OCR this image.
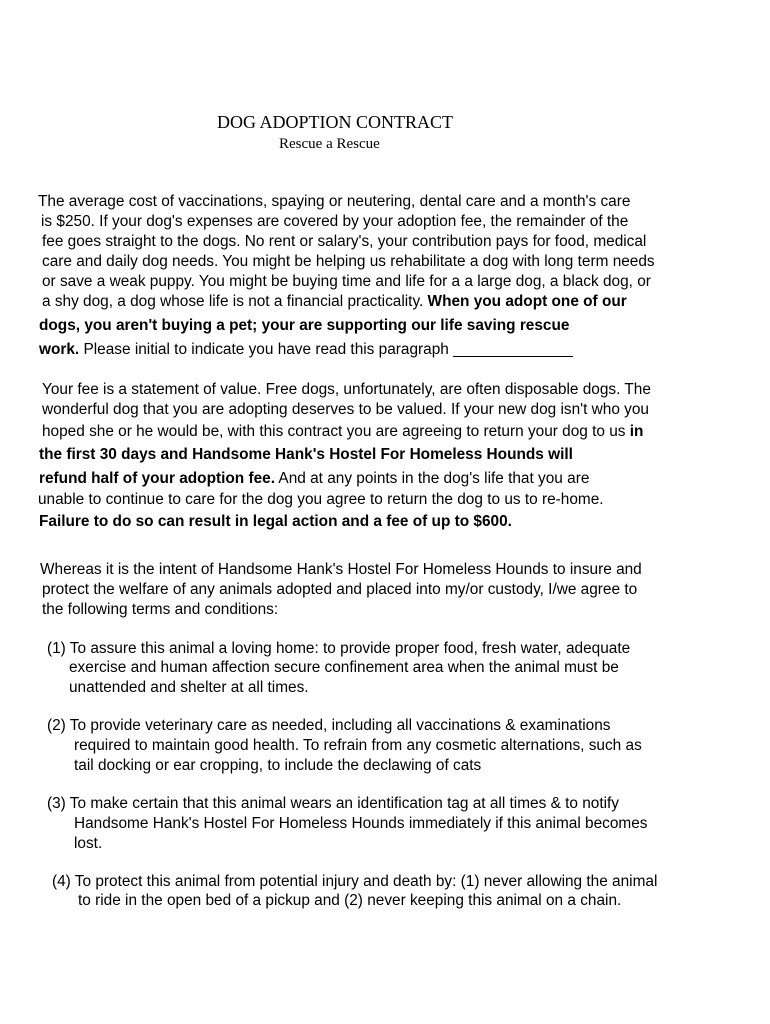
DOG ADOPTION CONTRACT
Rescue a Rescue
The average cost of vaccinations, spaying or neutering, dental care and a month's care
is $250. If your dog's expenses are covered by your adoption fee, the remainder of the
fee goes straight to the dogs. No rent or salary's, your contribution pays for food, medical
care and daily dog needs. You might be helping us rehabilitate a dog with long term needs
or save a weak puppy. You might be buying time and life for a a large dog, a black dog, or
a shy dog, a dog whose life is not a financial practicality. When you adopt one of our
dogs, you aren't buying a pet; your are supporting our life saving rescue
work. Please initial to indicate you have read this paragraph ______________
Your fee is a statement of value. Free dogs, unfortunately, are often disposable dogs. The
wonderful dog that you are adopting deserves to be valued. If your new dog isn't who you
hoped she or he would be, with this contract you are agreeing to return your dog to us in
the first 30 days and Handsome Hank's Hostel For Homeless Hounds will
refund half of your adoption fee. And at any points in the dog's life that you are
unable to continue to care for the dog you agree to return the dog to us to re-home.
Failure to do so can result in legal action and a fee of up to $600.
Whereas it is the intent of Handsome Hank's Hostel For Homeless Hounds to insure and
protect the welfare of any animals adopted and placed into my/or custody, I/we agree to
the following terms and conditions:
(1) To assure this animal a loving home: to provide proper food, fresh water, adequate
exercise and human affection secure confinement area when the animal must be
unattended and shelter at all times.
(2) To provide veterinary care as needed, including all vaccinations & examinations
required to maintain good health. To refrain from any cosmetic alternations, such as
tail docking or ear cropping, to include the declawing of cats
(3) To make certain that this animal wears an identification tag at all times & to notify
Handsome Hank's Hostel For Homeless Hounds immediately if this animal becomes
lost.
(4) To protect this animal from potential injury and death by: (1) never allowing the animal
to ride in the open bed of a pickup and (2) never keeping this animal on a chain.
